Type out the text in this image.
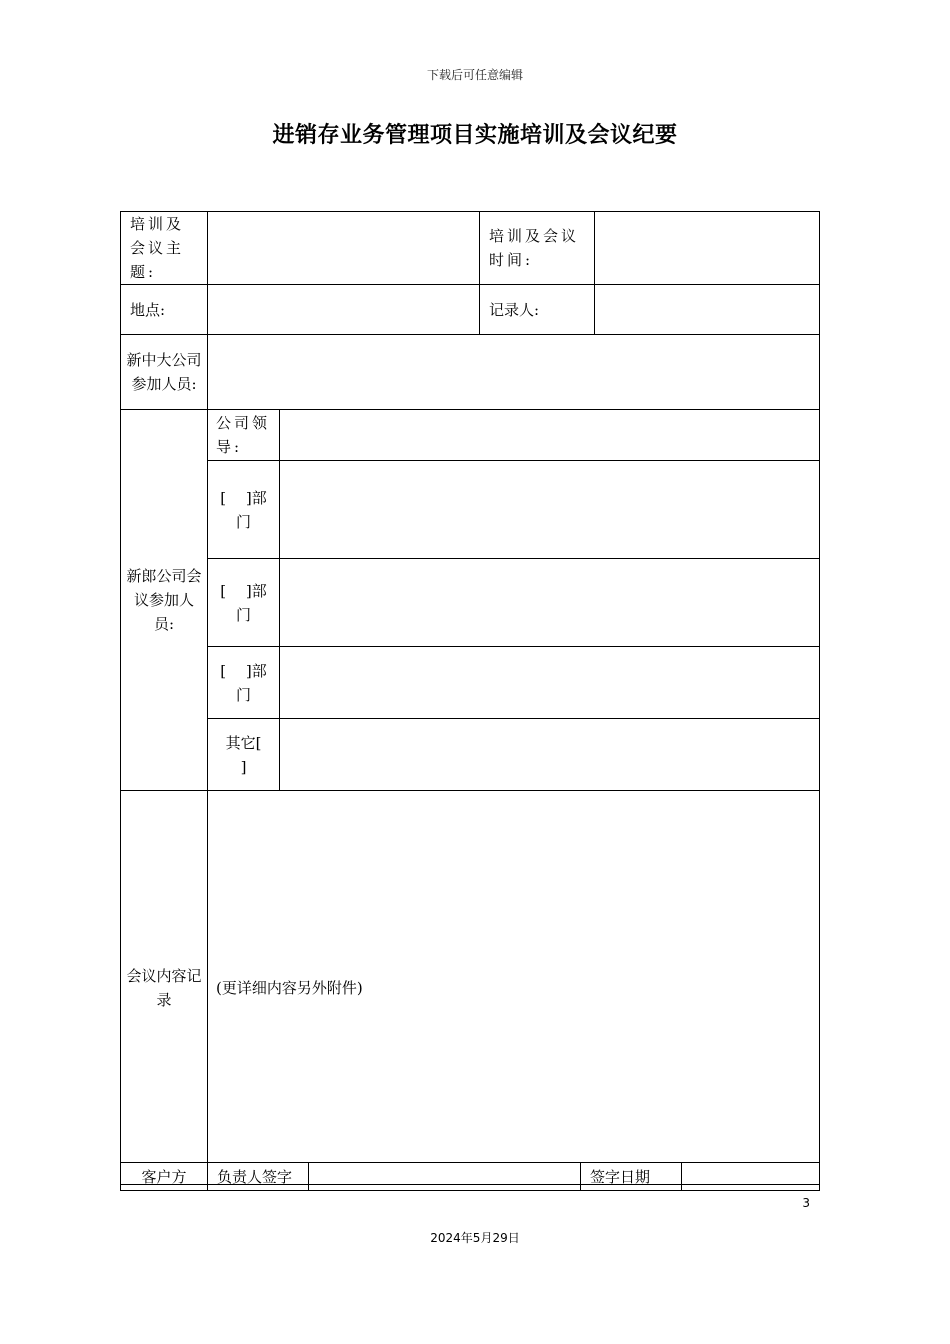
下载后可任意编辑
进销存业务管理项目实施培训及会议纪要
培训及会议主题:			培训及会议时间:	
地点:			记录人:	
新中大公司参加人员:				
新郎公司会议参加人员:	公司领导:			
	[　 ]部门			
	[　 ]部门			
	[　 ]部门			
	其它[　 ]			
会议内容记录	(更详细内容另外附件)			
客户方	负责人签字		签字日期	
3
2024年5月29日
